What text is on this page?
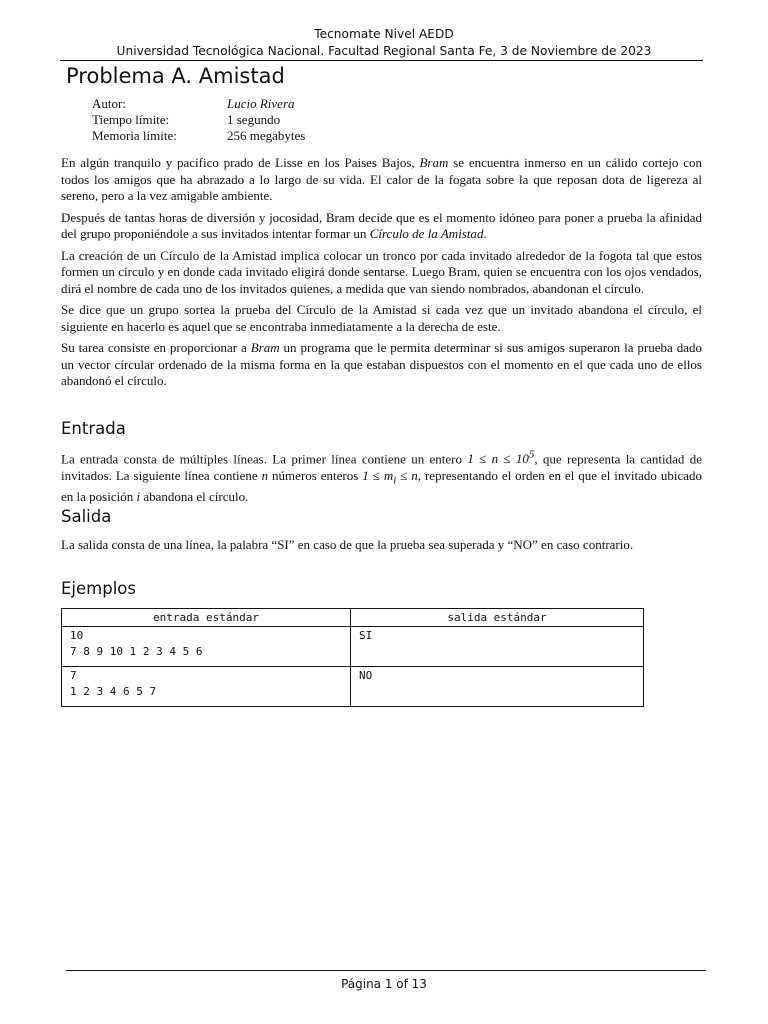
Tecnomate Nivel AEDD
Universidad Tecnológica Nacional. Facultad Regional Santa Fe, 3 de Noviembre de 2023
Problema A. Amistad
Autor:	Lucio Rivera
Tiempo límite:	1 segundo
Memoria límite:	256 megabytes

En algún tranquilo y pacífico prado de Lisse en los Paises Bajos, Bram se encuentra inmerso en un cálido cortejo con todos los amigos que ha abrazado a lo largo de su vida. El calor de la fogata sobre la que reposan dota de ligereza al sereno, pero a la vez amigable ambiente.

Después de tantas horas de diversión y jocosidad, Bram decide que es el momento idóneo para poner a prueba la afinidad del grupo proponiéndole a sus invitados intentar formar un Círculo de la Amistad.

La creación de un Círculo de la Amistad implica colocar un tronco por cada invitado alrededor de la fogota tal que estos formen un círculo y en donde cada invitado eligirá donde sentarse. Luego Bram, quien se encuentra con los ojos vendados, dirá el nombre de cada uno de los invitados quienes, a medida que van siendo nombrados, abandonan el círculo.

Se dice que un grupo sortea la prueba del Círculo de la Amistad si cada vez que un invitado abandona el círculo, el siguiente en hacerlo es aquel que se encontraba inmediatamente a la derecha de este.

Su tarea consiste en proporcionar a Bram un programa que le permita determinar si sus amigos superaron la prueba dado un vector círcular ordenado de la misma forma en la que estaban dispuestos con el momento en el que cada uno de ellos abandonó el círculo.

Entrada

La entrada consta de múltiples líneas. La primer línea contiene un entero $1 \le n \le 10^5$, que representa la cantidad de invitados. La siguiente línea contiene n números enteros $1 \le m_i \le n$, representando el orden en el que el invitado ubicado en la posición i abandona el círculo.

Salida

La salida consta de una línea, la palabra “SI” en caso de que la prueba sea superada y “NO” en caso contrario.

Ejemplos
entrada estándar	salida estándar

10
7 8 9 10 1 2 3 4 5 6	SI

7
1 2 3 4 6 5 7	NO
Página 1 of 13
